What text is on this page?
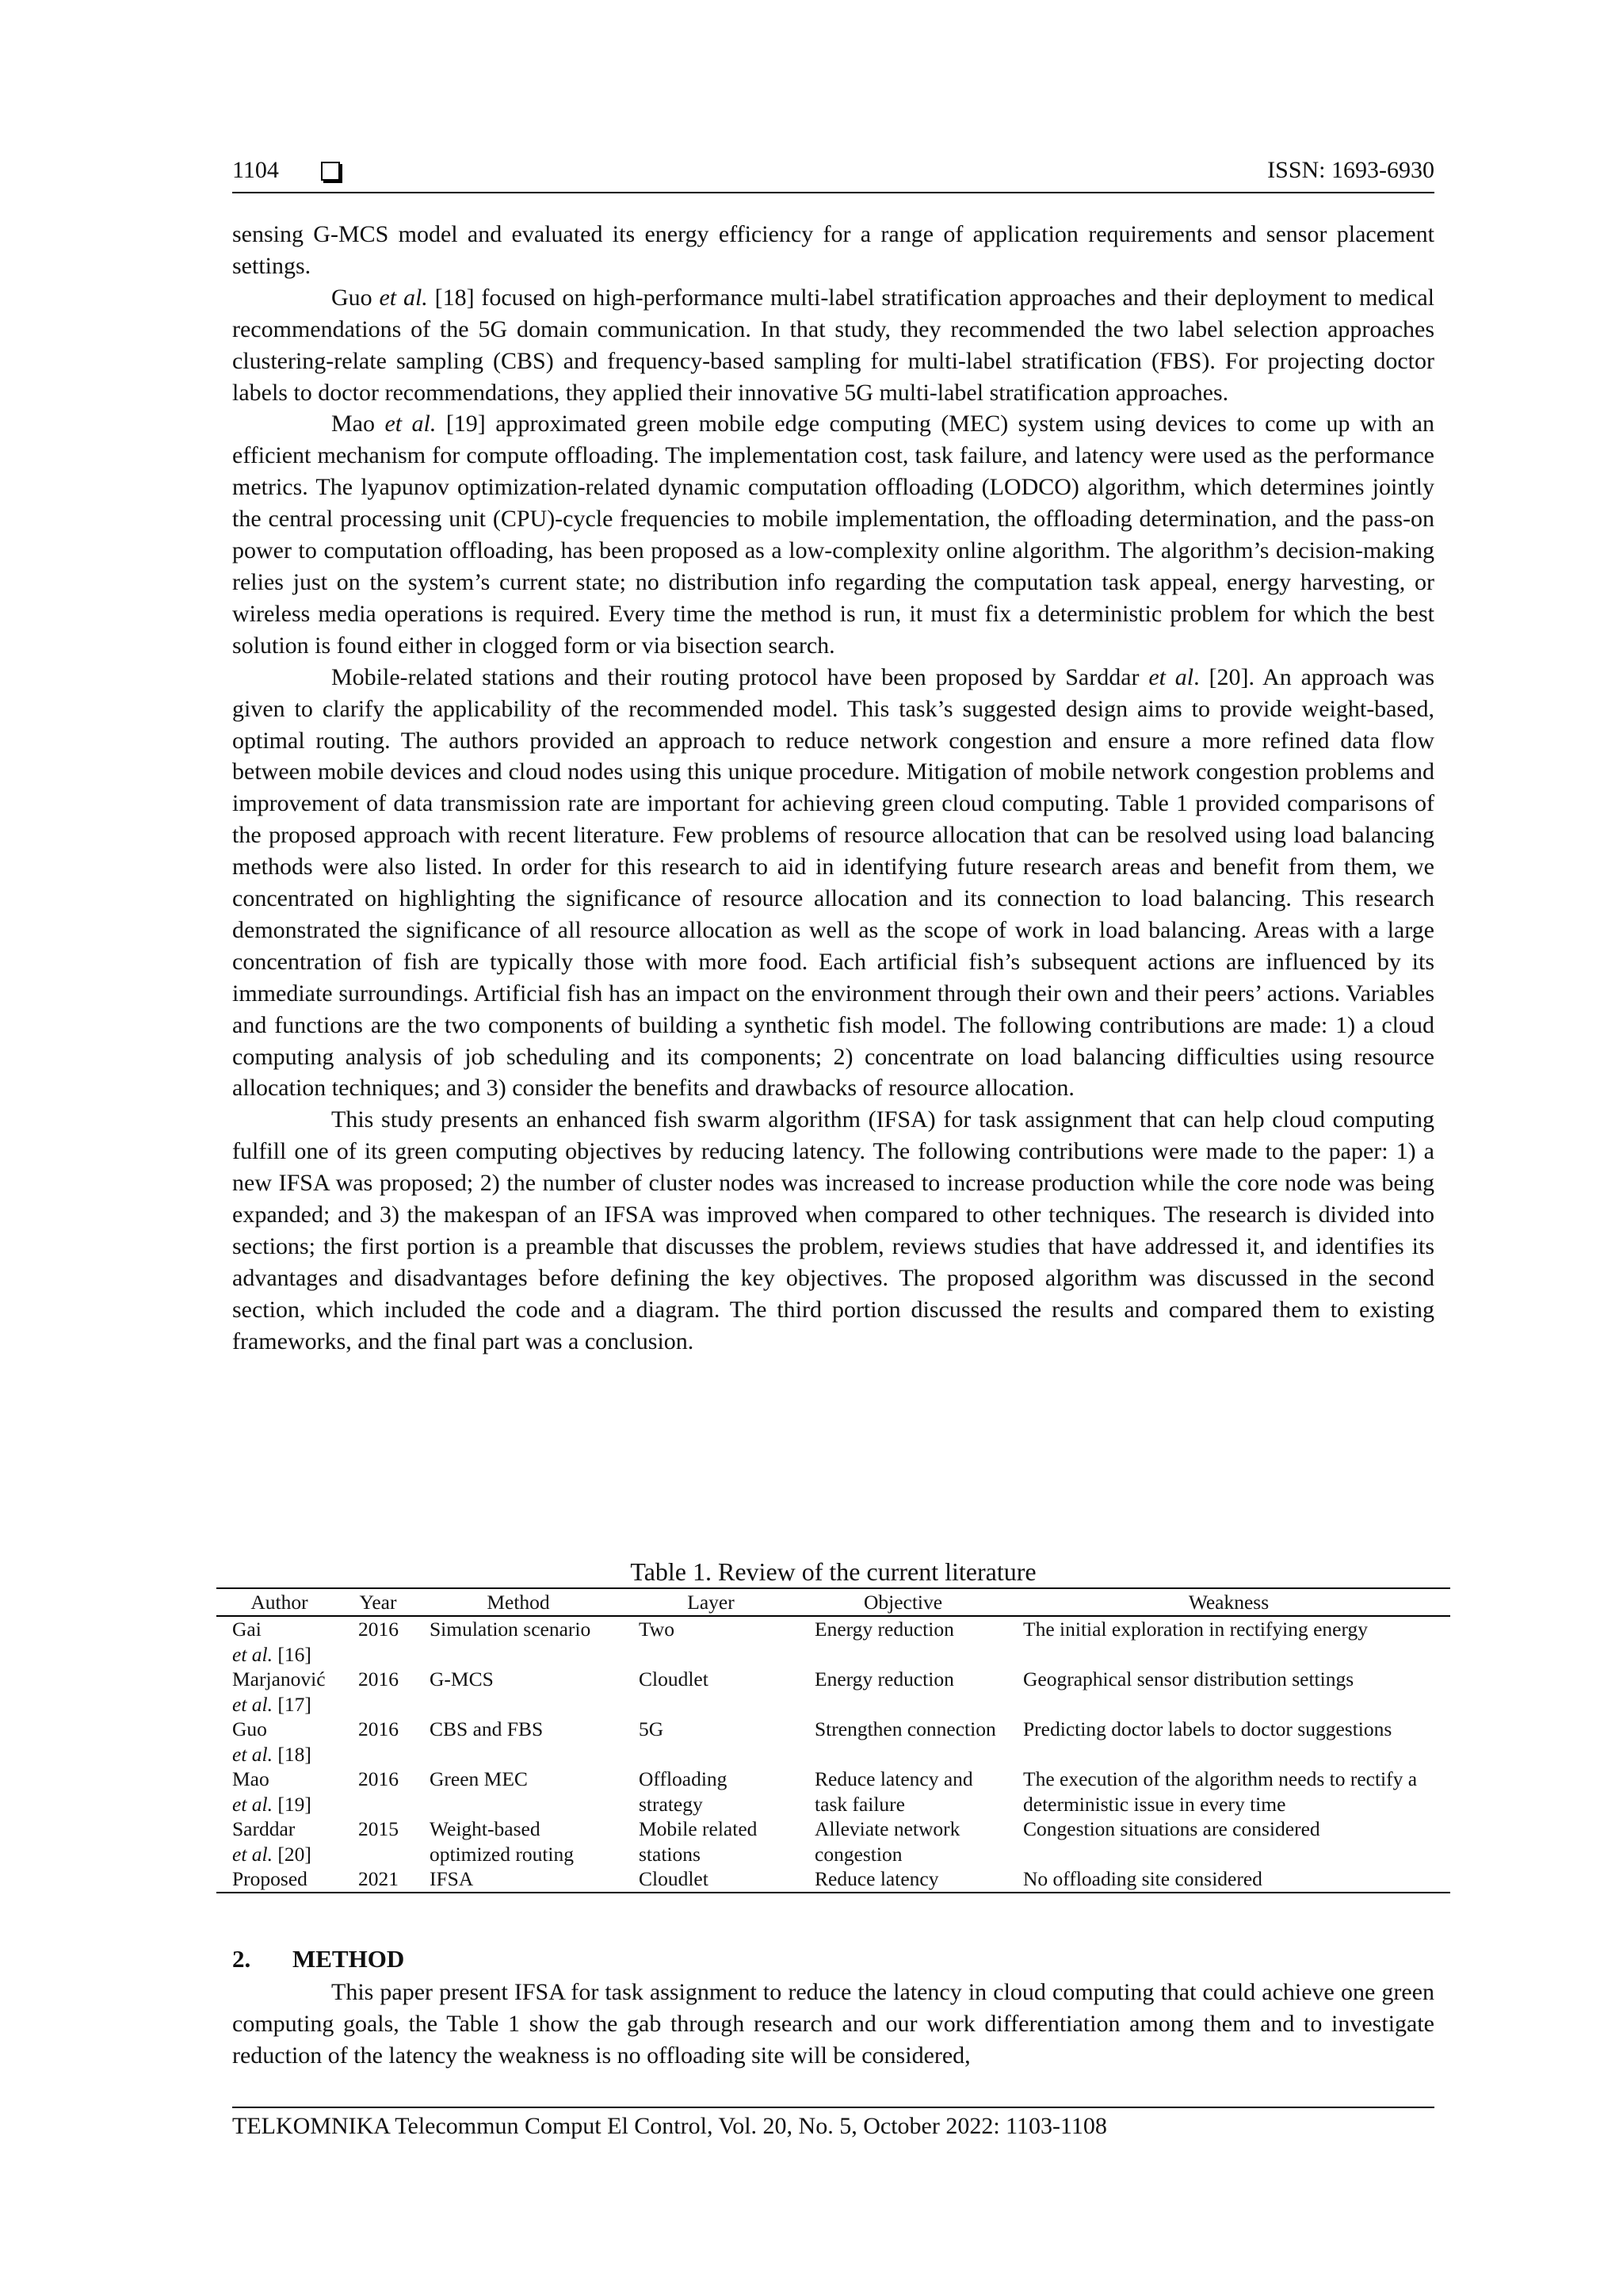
1104	ISSN: 1693-6930

sensing G-MCS model and evaluated its energy efficiency for a range of application requirements and sensor placement settings.

Guo et al. [18] focused on high-performance multi-label stratification approaches and their deployment to medical recommendations of the 5G domain communication. In that study, they recommended the two label selection approaches clustering-relate sampling (CBS) and frequency-based sampling for multi-label stratification (FBS). For projecting doctor labels to doctor recommendations, they applied their innovative 5G multi-label stratification approaches.

Mao et al. [19] approximated green mobile edge computing (MEC) system using devices to come up with an efficient mechanism for compute offloading. The implementation cost, task failure, and latency were used as the performance metrics. The lyapunov optimization-related dynamic computation offloading (LODCO) algorithm, which determines jointly the central processing unit (CPU)-cycle frequencies to mobile implementation, the offloading determination, and the pass-on power to computation offloading, has been proposed as a low-complexity online algorithm. The algorithm’s decision-making relies just on the system’s current state; no distribution info regarding the computation task appeal, energy harvesting, or wireless media operations is required. Every time the method is run, it must fix a deterministic problem for which the best solution is found either in clogged form or via bisection search.

Mobile-related stations and their routing protocol have been proposed by Sarddar et al. [20]. An approach was given to clarify the applicability of the recommended model. This task’s suggested design aims to provide weight-based, optimal routing. The authors provided an approach to reduce network congestion and ensure a more refined data flow between mobile devices and cloud nodes using this unique procedure. Mitigation of mobile network congestion problems and improvement of data transmission rate are important for achieving green cloud computing. Table 1 provided comparisons of the proposed approach with recent literature. Few problems of resource allocation that can be resolved using load balancing methods were also listed. In order for this research to aid in identifying future research areas and benefit from them, we concentrated on highlighting the significance of resource allocation and its connection to load balancing. This research demonstrated the significance of all resource allocation as well as the scope of work in load balancing. Areas with a large concentration of fish are typically those with more food. Each artificial fish’s subsequent actions are influenced by its immediate surroundings. Artificial fish has an impact on the environment through their own and their peers’ actions. Variables and functions are the two components of building a synthetic fish model. The following contributions are made: 1) a cloud computing analysis of job scheduling and its components; 2) concentrate on load balancing difficulties using resource allocation techniques; and 3) consider the benefits and drawbacks of resource allocation.

This study presents an enhanced fish swarm algorithm (IFSA) for task assignment that can help cloud computing fulfill one of its green computing objectives by reducing latency. The following contributions were made to the paper: 1) a new IFSA was proposed; 2) the number of cluster nodes was increased to increase production while the core node was being expanded; and 3) the makespan of an IFSA was improved when compared to other techniques. The research is divided into sections; the first portion is a preamble that discusses the problem, reviews studies that have addressed it, and identifies its advantages and disadvantages before defining the key objectives. The proposed algorithm was discussed in the second section, which included the code and a diagram. The third portion discussed the results and compared them to existing frameworks, and the final part was a conclusion.

Table 1. Review of the current literature
Author	Year	Method	Layer	Objective	Weakness

Gai
et al. [16]	2016	Simulation scenario	Two	Energy reduction	The initial exploration in rectifying energy

Marjanović
et al. [17]	2016	G-MCS	Cloudlet	Energy reduction	Geographical sensor distribution settings

Guo
et al. [18]	2016	CBS and FBS	5G	Strengthen connection	Predicting doctor labels to doctor suggestions

Mao
et al. [19]	2016	Green MEC	Offloading strategy	Reduce latency and task failure	The execution of the algorithm needs to rectify a deterministic issue in every time

Sarddar
et al. [20]	2015	Weight-based optimized routing	Mobile related stations	Alleviate network congestion	Congestion situations are considered

Proposed	2021	IFSA	Cloudlet	Reduce latency	No offloading site considered
2. METHOD

This paper present IFSA for task assignment to reduce the latency in cloud computing that could achieve one green computing goals, the Table 1 show the gab through research and our work differentiation among them and to investigate reduction of the latency the weakness is no offloading site will be considered,

TELKOMNIKA Telecommun Comput El Control, Vol. 20, No. 5, October 2022: 1103-1108
